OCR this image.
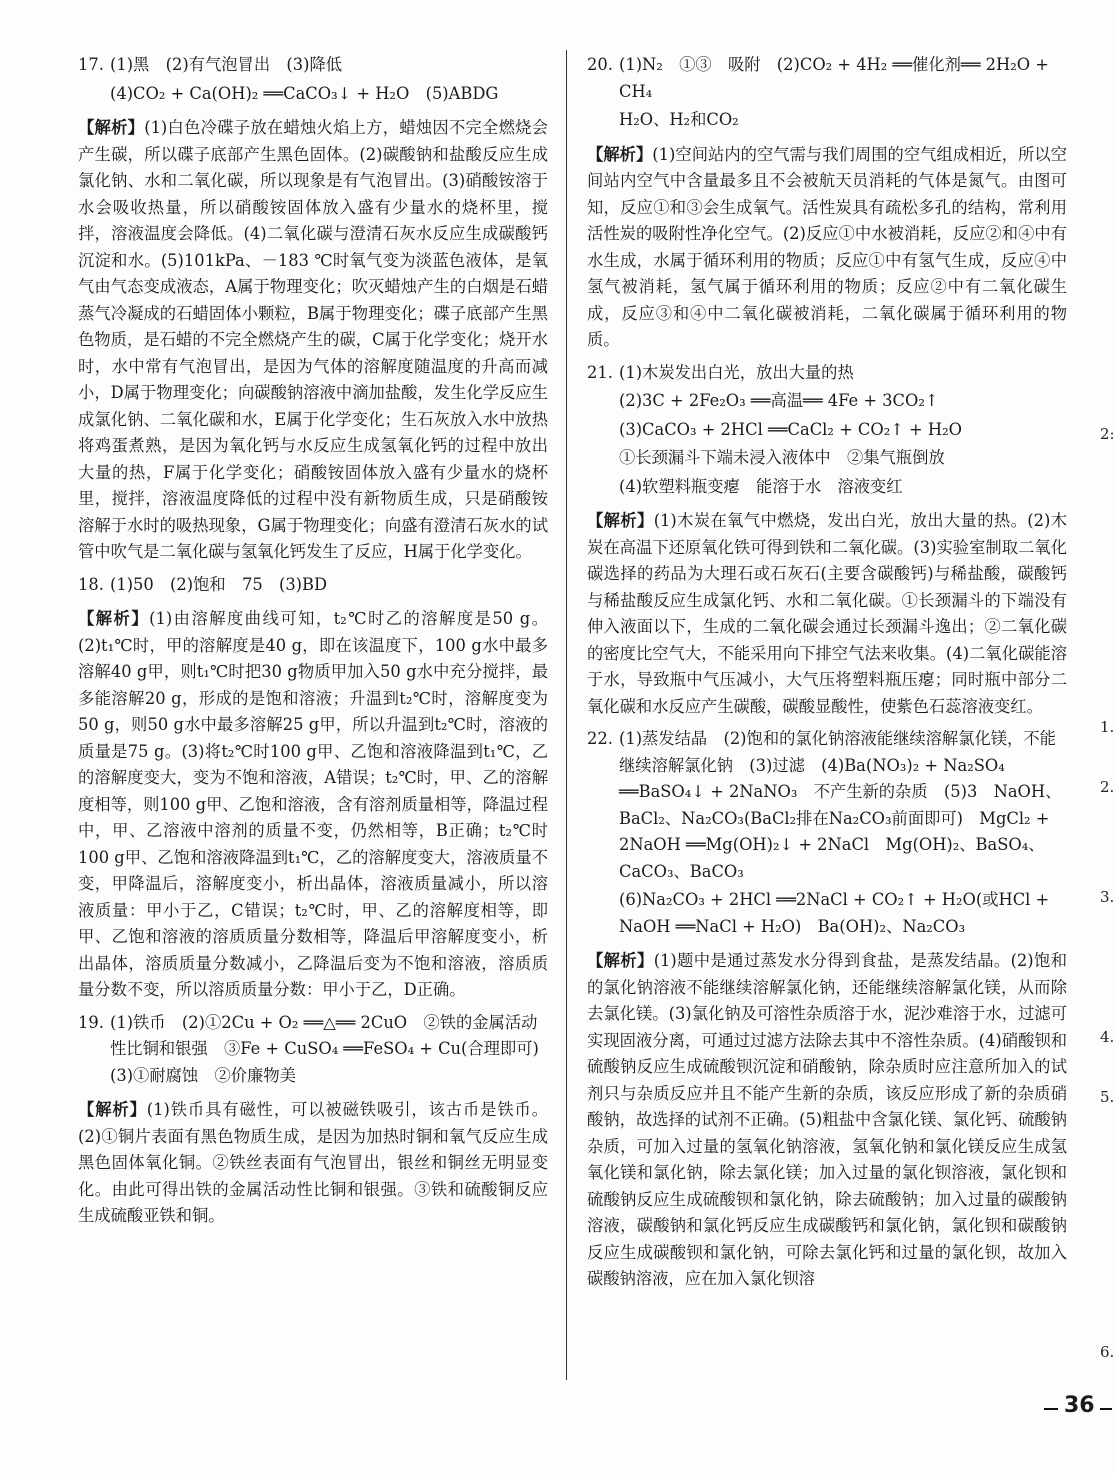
17. (1)黑　(2)有气泡冒出　(3)降低
(4)CO₂ + Ca(OH)₂ ══CaCO₃↓ + H₂O　(5)ABDG
【解析】(1)白色冷碟子放在蜡烛火焰上方，蜡烛因不完全燃烧会产生碳，所以碟子底部产生黑色固体。(2)碳酸钠和盐酸反应生成氯化钠、水和二氧化碳，所以现象是有气泡冒出。(3)硝酸铵溶于水会吸收热量，所以硝酸铵固体放入盛有少量水的烧杯里，搅拌，溶液温度会降低。(4)二氧化碳与澄清石灰水反应生成碳酸钙沉淀和水。(5)101kPa、－183 ℃时氧气变为淡蓝色液体，是氧气由气态变成液态，A属于物理变化；吹灭蜡烛产生的白烟是石蜡蒸气冷凝成的石蜡固体小颗粒，B属于物理变化；碟子底部产生黑色物质，是石蜡的不完全燃烧产生的碳，C属于化学变化；烧开水时，水中常有气泡冒出，是因为气体的溶解度随温度的升高而减小，D属于物理变化；向碳酸钠溶液中滴加盐酸，发生化学反应生成氯化钠、二氧化碳和水，E属于化学变化；生石灰放入水中放热将鸡蛋煮熟，是因为氧化钙与水反应生成氢氧化钙的过程中放出大量的热，F属于化学变化；硝酸铵固体放入盛有少量水的烧杯里，搅拌，溶液温度降低的过程中没有新物质生成，只是硝酸铵溶解于水时的吸热现象，G属于物理变化；向盛有澄清石灰水的试管中吹气是二氧化碳与氢氧化钙发生了反应，H属于化学变化。
18. (1)50　(2)饱和　75　(3)BD
【解析】(1)由溶解度曲线可知，t₂℃时乙的溶解度是50 g。(2)t₁℃时，甲的溶解度是40 g，即在该温度下，100 g水中最多溶解40 g甲，则t₁℃时把30 g物质甲加入50 g水中充分搅拌，最多能溶解20 g，形成的是饱和溶液；升温到t₂℃时，溶解度变为50 g，则50 g水中最多溶解25 g甲，所以升温到t₂℃时，溶液的质量是75 g。(3)将t₂℃时100 g甲、乙饱和溶液降温到t₁℃，乙的溶解度变大，变为不饱和溶液，A错误；t₂℃时，甲、乙的溶解度相等，则100 g甲、乙饱和溶液，含有溶剂质量相等，降温过程中，甲、乙溶液中溶剂的质量不变，仍然相等，B正确；t₂℃时100 g甲、乙饱和溶液降温到t₁℃，乙的溶解度变大，溶液质量不变，甲降温后，溶解度变小，析出晶体，溶液质量减小，所以溶液质量：甲小于乙，C错误；t₂℃时，甲、乙的溶解度相等，即甲、乙饱和溶液的溶质质量分数相等，降温后甲溶解度变小，析出晶体，溶质质量分数减小，乙降温后变为不饱和溶液，溶质质量分数不变，所以溶质质量分数：甲小于乙，D正确。
19. (1)铁币　(2)①2Cu + O₂ ══△══ 2CuO　②铁的金属活动性比铜和银强　③Fe + CuSO₄ ══FeSO₄ + Cu(合理即可)　(3)①耐腐蚀　②价廉物美
【解析】(1)铁币具有磁性，可以被磁铁吸引，该古币是铁币。(2)①铜片表面有黑色物质生成，是因为加热时铜和氧气反应生成黑色固体氧化铜。②铁丝表面有气泡冒出，银丝和铜丝无明显变化。由此可得出铁的金属活动性比铜和银强。③铁和硫酸铜反应生成硫酸亚铁和铜。
20. (1)N₂　①③　吸附　(2)CO₂ + 4H₂ ══催化剂══ 2H₂O + CH₄
H₂O、H₂和CO₂
【解析】(1)空间站内的空气需与我们周围的空气组成相近，所以空间站内空气中含量最多且不会被航天员消耗的气体是氮气。由图可知，反应①和③会生成氧气。活性炭具有疏松多孔的结构，常利用活性炭的吸附性净化空气。(2)反应①中水被消耗，反应②和④中有水生成，水属于循环利用的物质；反应①中有氢气生成，反应④中氢气被消耗，氢气属于循环利用的物质；反应②中有二氧化碳生成，反应③和④中二氧化碳被消耗，二氧化碳属于循环利用的物质。
21. (1)木炭发出白光，放出大量的热
(2)3C + 2Fe₂O₃ ══高温══ 4Fe + 3CO₂↑
(3)CaCO₃ + 2HCl ══CaCl₂ + CO₂↑ + H₂O
①长颈漏斗下端未浸入液体中　②集气瓶倒放
(4)软塑料瓶变瘪　能溶于水　溶液变红
【解析】(1)木炭在氧气中燃烧，发出白光，放出大量的热。(2)木炭在高温下还原氧化铁可得到铁和二氧化碳。(3)实验室制取二氧化碳选择的药品为大理石或石灰石(主要含碳酸钙)与稀盐酸，碳酸钙与稀盐酸反应生成氯化钙、水和二氧化碳。①长颈漏斗的下端没有伸入液面以下，生成的二氧化碳会通过长颈漏斗逸出；②二氧化碳的密度比空气大，不能采用向下排空气法来收集。(4)二氧化碳能溶于水，导致瓶中气压减小，大气压将塑料瓶压瘪；同时瓶中部分二氧化碳和水反应产生碳酸，碳酸显酸性，使紫色石蕊溶液变红。
22. (1)蒸发结晶　(2)饱和的氯化钠溶液能继续溶解氯化镁，不能继续溶解氯化钠　(3)过滤　(4)Ba(NO₃)₂ + Na₂SO₄ ══BaSO₄↓ + 2NaNO₃　不产生新的杂质　(5)3　NaOH、BaCl₂、Na₂CO₃(BaCl₂排在Na₂CO₃前面即可)　MgCl₂ + 2NaOH ══Mg(OH)₂↓ + 2NaCl　Mg(OH)₂、BaSO₄、CaCO₃、BaCO₃
(6)Na₂CO₃ + 2HCl ══2NaCl + CO₂↑ + H₂O(或HCl + NaOH ══NaCl + H₂O)　Ba(OH)₂、Na₂CO₃
【解析】(1)题中是通过蒸发水分得到食盐，是蒸发结晶。(2)饱和的氯化钠溶液不能继续溶解氯化钠，还能继续溶解氯化镁，从而除去氯化镁。(3)氯化钠及可溶性杂质溶于水，泥沙难溶于水，过滤可实现固液分离，可通过过滤方法除去其中不溶性杂质。(4)硝酸钡和硫酸钠反应生成硫酸钡沉淀和硝酸钠，除杂质时应注意所加入的试剂只与杂质反应并且不能产生新的杂质，该反应形成了新的杂质硝酸钠，故选择的试剂不正确。(5)粗盐中含氯化镁、氯化钙、硫酸钠杂质，可加入过量的氢氧化钠溶液，氢氧化钠和氯化镁反应生成氢氧化镁和氯化钠，除去氯化镁；加入过量的氯化钡溶液，氯化钡和硫酸钠反应生成硫酸钡和氯化钠，除去硫酸钠；加入过量的碳酸钠溶液，碳酸钠和氯化钙反应生成碳酸钙和氯化钠，氯化钡和碳酸钠反应生成碳酸钡和氯化钠，可除去氯化钙和过量的氯化钡，故加入碳酸钠溶液，应在加入氯化钡溶
2:
1.
2.
3.
4.
5.
6.
36
